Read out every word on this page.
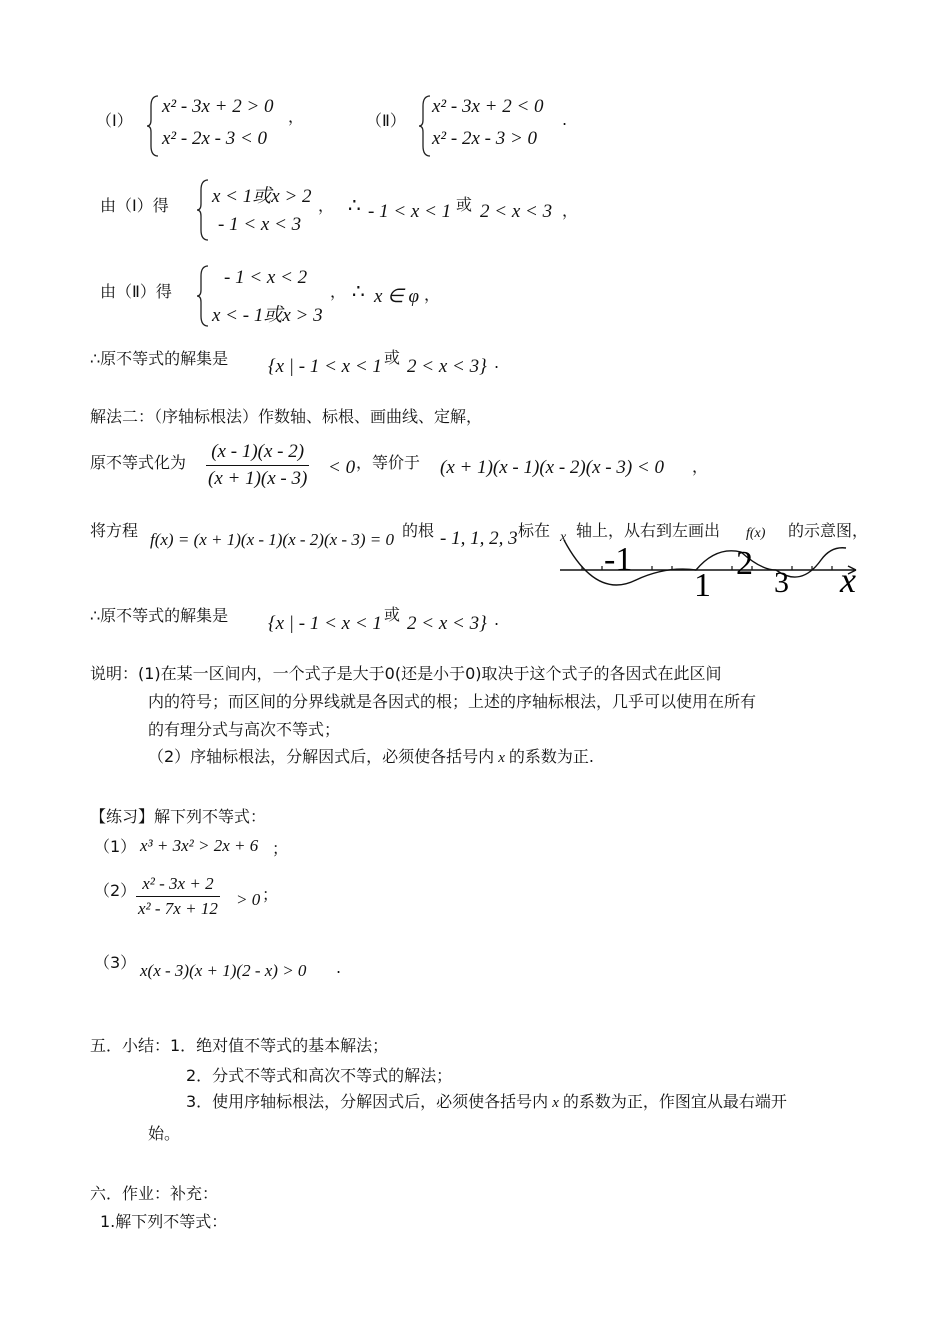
（Ⅰ）
x² - 3x + 2 > 0
x² - 2x - 3 < 0
，	（Ⅱ）
x² - 3x + 2 < 0
x² - 2x - 3 > 0
.
由（Ⅰ）得 x < 1或x > 2
- 1 < x < 3
， ∴ - 1 < x < 1 或 2 < x < 3 ，
由（Ⅱ）得
- 1 < x < 2
x < - 1或x > 3
， ∴ x ∈ φ ，
∴原不等式的解集是 {x | - 1 < x < 1 或 2 < x < 3} .
解法二：（序轴标根法）作数轴、标根、画曲线、定解，
原不等式化为
(x - 1)(x - 2)
(x + 1)(x - 3)
< 0 ，等价于 (x + 1)(x - 1)(x - 2)(x - 3) < 0 ，
将方程 f(x) = (x + 1)(x - 1)(x - 2)(x - 3) = 0 的根 - 1, 1, 2, 3 标在 x 轴上，从右到左画出 f(x) 的示意图，
-1
1
2
3 x
∴原不等式的解集是 {x | - 1 < x < 1 或 2 < x < 3} .
说明：(1)在某一区间内，一个式子是大于0(还是小于0)取决于这个式子的各因式在此区间
内的符号；而区间的分界线就是各因式的根；上述的序轴标根法，几乎可以使用在所有
的有理分式与高次不等式；
（2）序轴标根法，分解因式后，必须使各括号内 x 的系数为正.
【练习】解下列不等式：
（1） x³ + 3x² > 2x + 6 ；
（2） x² - 3x + 2
x² - 7x + 12 > 0 ；
（3） x(x - 3)(x + 1)(2 - x) > 0 .
五．小结：1．绝对值不等式的基本解法；
2．分式不等式和高次不等式的解法；
3．使用序轴标根法，分解因式后，必须使各括号内 x 的系数为正，作图宜从最右端开
始。
六．作业：补充：
1.解下列不等式：
